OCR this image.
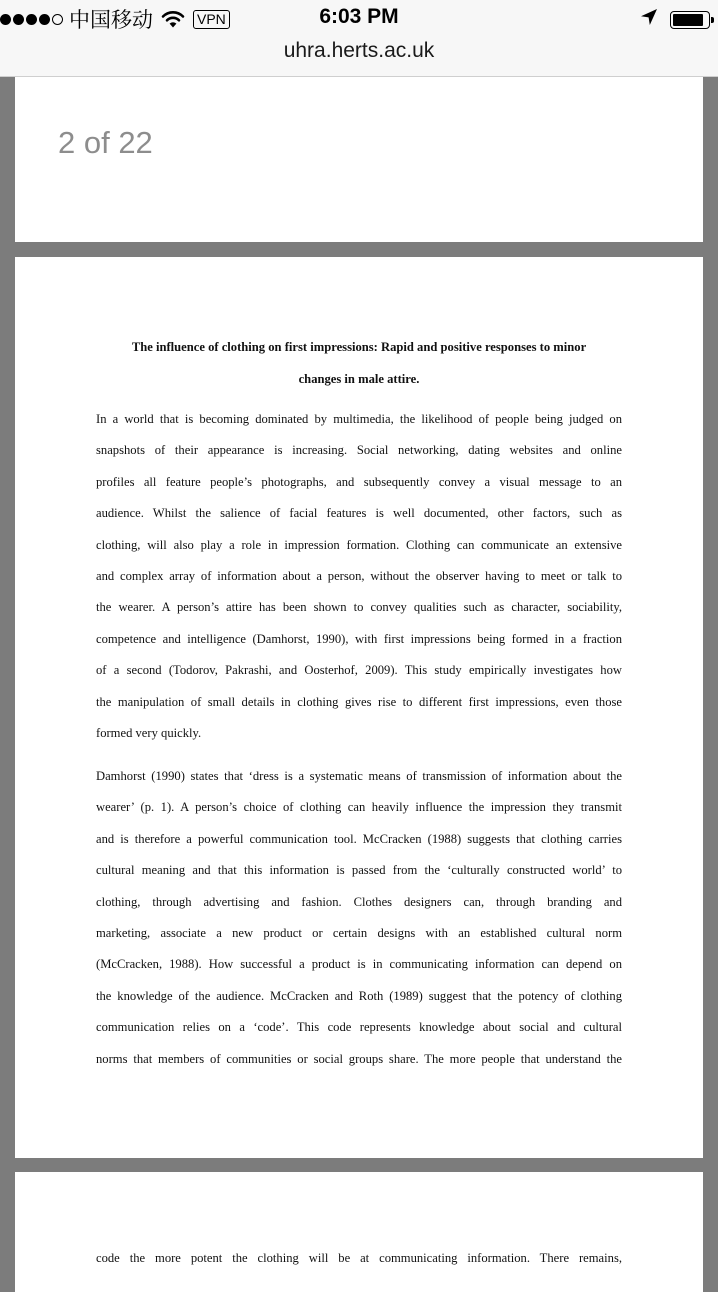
中国移动	VPN	6:03 PM
uhra.herts.ac.uk
2 of 22
The influence of clothing on first impressions: Rapid and positive responses to minor
changes in male attire.
In a world that is becoming dominated by multimedia, the likelihood of people being judged on
snapshots of their appearance is increasing. Social networking, dating websites and online
profiles all feature people’s photographs, and subsequently convey a visual message to an
audience. Whilst the salience of facial features is well documented, other factors, such as
clothing, will also play a role in impression formation. Clothing can communicate an extensive
and complex array of information about a person, without the observer having to meet or talk to
the wearer. A person’s attire has been shown to convey qualities such as character, sociability,
competence and intelligence (Damhorst, 1990), with first impressions being formed in a fraction
of a second (Todorov, Pakrashi, and Oosterhof, 2009). This study empirically investigates how
the manipulation of small details in clothing gives rise to different first impressions, even those
formed very quickly.
Damhorst (1990) states that ‘dress is a systematic means of transmission of information about the
wearer’ (p. 1). A person’s choice of clothing can heavily influence the impression they transmit
and is therefore a powerful communication tool. McCracken (1988) suggests that clothing carries
cultural meaning and that this information is passed from the ‘culturally constructed world’ to
clothing, through advertising and fashion. Clothes designers can, through branding and
marketing, associate a new product or certain designs with an established cultural norm
(McCracken, 1988). How successful a product is in communicating information can depend on
the knowledge of the audience. McCracken and Roth (1989) suggest that the potency of clothing
communication relies on a ‘code’. This code represents knowledge about social and cultural
norms that members of communities or social groups share. The more people that understand the
code the more potent the clothing will be at communicating information. There remains,
